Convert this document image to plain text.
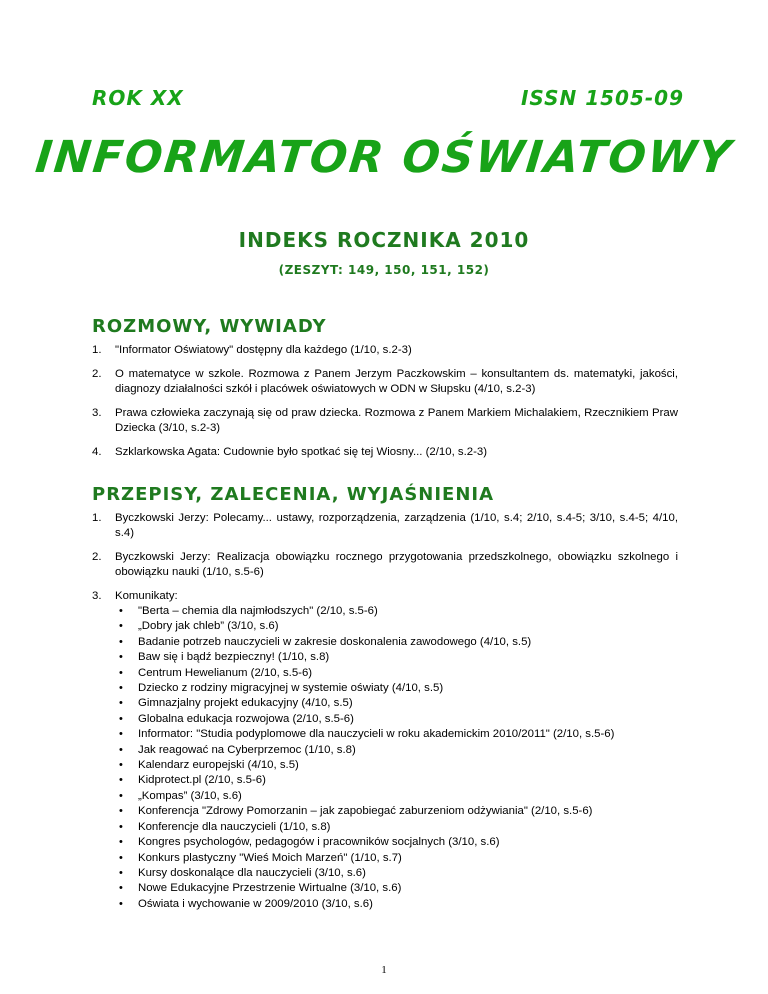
ROK XX	ISSN 1505-09
INFORMATOR OŚWIATOWY
INDEKS ROCZNIKA 2010
(ZESZYT: 149, 150, 151, 152)
ROZMOWY, WYWIADY
1. "Informator Oświatowy" dostępny dla każdego (1/10, s.2-3)
2. O matematyce w szkole. Rozmowa z Panem Jerzym Paczkowskim – konsultantem ds. matematyki, jakości, diagnozy działalności szkół i placówek oświatowych w ODN w Słupsku (4/10, s.2-3)
3. Prawa człowieka zaczynają się od praw dziecka. Rozmowa z Panem Markiem Michalakiem, Rzecznikiem Praw Dziecka (3/10, s.2-3)
4. Szklarkowska Agata: Cudownie było spotkać się tej Wiosny... (2/10, s.2-3)
PRZEPISY, ZALECENIA, WYJAŚNIENIA
1. Byczkowski Jerzy: Polecamy... ustawy, rozporządzenia, zarządzenia (1/10, s.4; 2/10, s.4-5; 3/10, s.4-5; 4/10, s.4)
2. Byczkowski Jerzy: Realizacja obowiązku rocznego przygotowania przedszkolnego, obowiązku szkolnego i obowiązku nauki (1/10, s.5-6)
3. Komunikaty:
• "Berta – chemia dla najmłodszych" (2/10, s.5-6)
• „Dobry jak chleb” (3/10, s.6)
• Badanie potrzeb nauczycieli w zakresie doskonalenia zawodowego (4/10, s.5)
• Baw się i bądź bezpieczny! (1/10, s.8)
• Centrum Hewelianum (2/10, s.5-6)
• Dziecko z rodziny migracyjnej w systemie oświaty (4/10, s.5)
• Gimnazjalny projekt edukacyjny (4/10, s.5)
• Globalna edukacja rozwojowa (2/10, s.5-6)
• Informator: "Studia podyplomowe dla nauczycieli w roku akademickim 2010/2011" (2/10, s.5-6)
• Jak reagować na Cyberprzemoc (1/10, s.8)
• Kalendarz europejski (4/10, s.5)
• Kidprotect.pl (2/10, s.5-6)
• „Kompas” (3/10, s.6)
• Konferencja "Zdrowy Pomorzanin – jak zapobiegać zaburzeniom odżywiania" (2/10, s.5-6)
• Konferencje dla nauczycieli (1/10, s.8)
• Kongres psychologów, pedagogów i pracowników socjalnych (3/10, s.6)
• Konkurs plastyczny "Wieś Moich Marzeń" (1/10, s.7)
• Kursy doskonalące dla nauczycieli (3/10, s.6)
• Nowe Edukacyjne Przestrzenie Wirtualne (3/10, s.6)
• Oświata i wychowanie w 2009/2010 (3/10, s.6)
1
